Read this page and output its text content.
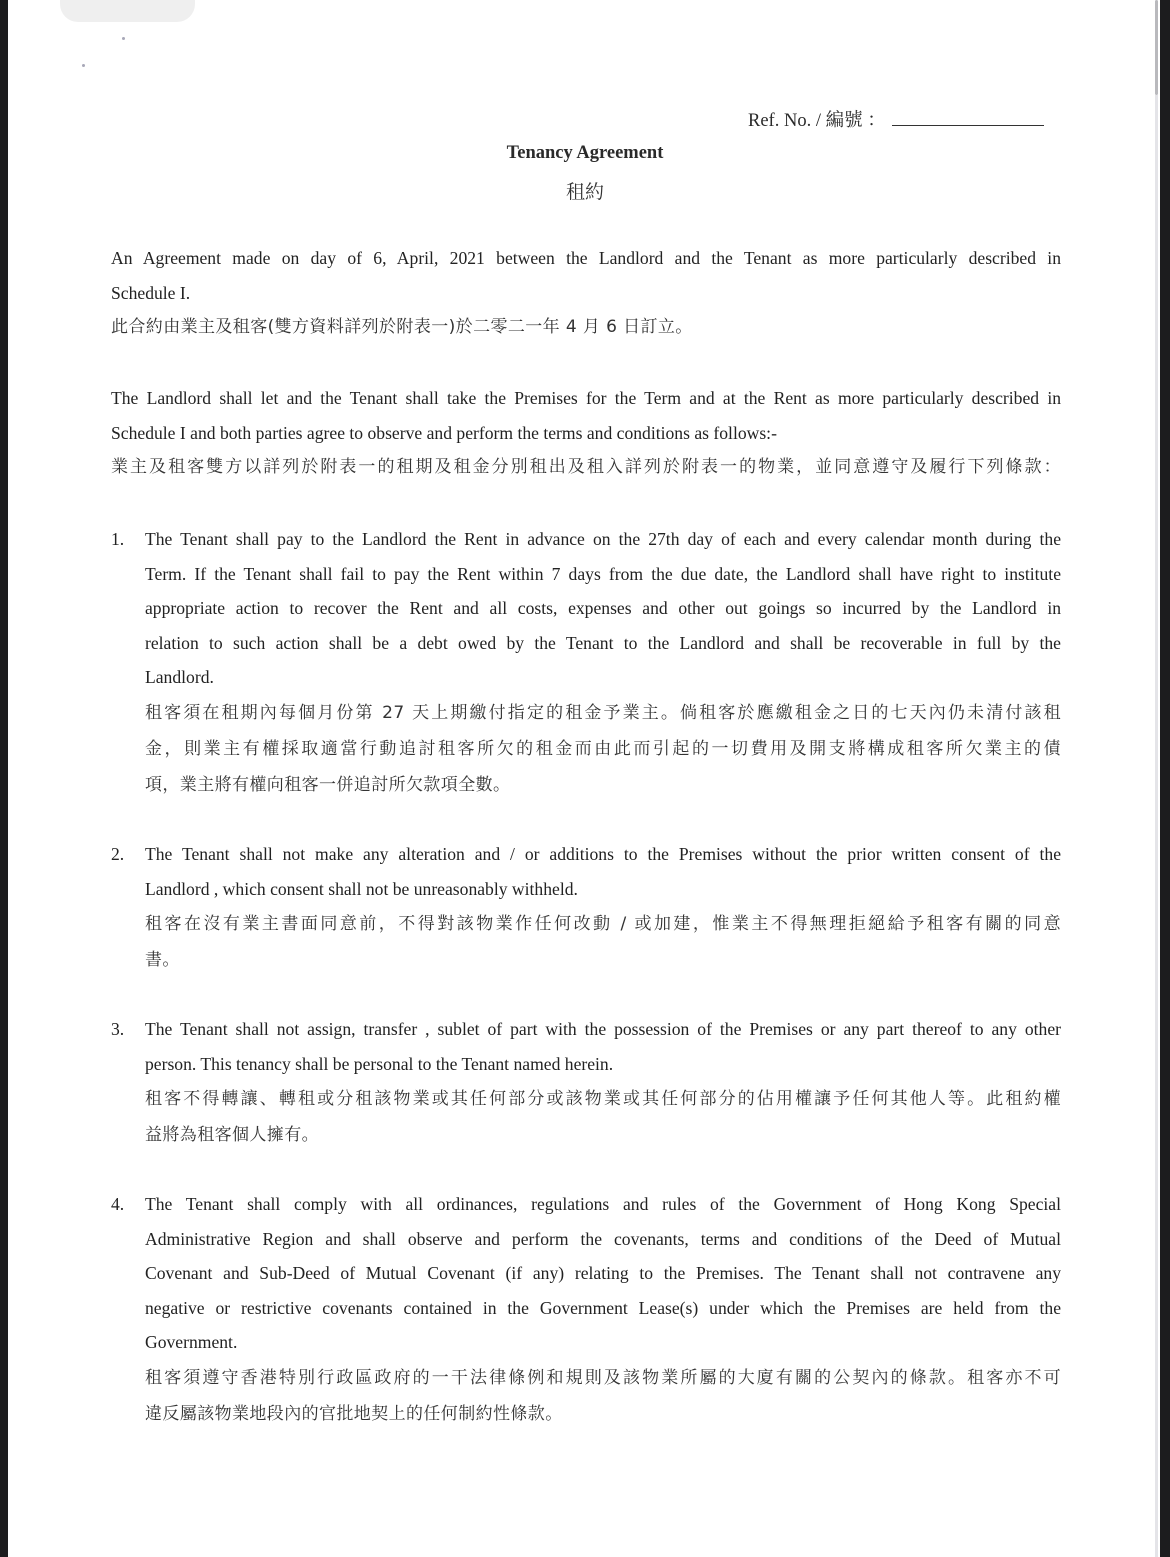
Ref. No. / 編號 ：
Tenancy Agreement
租約
An Agreement made on day of 6, April, 2021 between the Landlord and the Tenant as more particularly described in
Schedule I.
此合約由業主及租客(雙方資料詳列於附表一)於二零二一年 4 月 6 日訂立。
The Landlord shall let and the Tenant shall take the Premises for the Term and at the Rent as more particularly described in
Schedule I and both parties agree to observe and perform the terms and conditions as follows:-
業主及租客雙方以詳列於附表一的租期及租金分別租出及租入詳列於附表一的物業，並同意遵守及履行下列條款：
1. The Tenant shall pay to the Landlord the Rent in advance on the 27th day of each and every calendar month during the
Term. If the Tenant shall fail to pay the Rent within 7 days from the due date, the Landlord shall have right to institute
appropriate action to recover the Rent and all costs, expenses and other out goings so incurred by the Landlord in
relation to such action shall be a debt owed by the Tenant to the Landlord and shall be recoverable in full by the
Landlord.
租客須在租期內每個月份第 27 天上期繳付指定的租金予業主。倘租客於應繳租金之日的七天內仍未清付該租
金，則業主有權採取適當行動追討租客所欠的租金而由此而引起的一切費用及開支將構成租客所欠業主的債
項，業主將有權向租客一併追討所欠款項全數。
2. The Tenant shall not make any alteration and / or additions to the Premises without the prior written consent of the
Landlord , which consent shall not be unreasonably withheld.
租客在沒有業主書面同意前，不得對該物業作任何改動 / 或加建，惟業主不得無理拒絕給予租客有關的同意
書。
3. The Tenant shall not assign, transfer , sublet of part with the possession of the Premises or any part thereof to any other
person. This tenancy shall be personal to the Tenant named herein.
租客不得轉讓、轉租或分租該物業或其任何部分或該物業或其任何部分的佔用權讓予任何其他人等。此租約權
益將為租客個人擁有。
4. The Tenant shall comply with all ordinances, regulations and rules of the Government of Hong Kong Special
Administrative Region and shall observe and perform the covenants, terms and conditions of the Deed of Mutual
Covenant and Sub-Deed of Mutual Covenant (if any) relating to the Premises. The Tenant shall not contravene any
negative or restrictive covenants contained in the Government Lease(s) under which the Premises are held from the
Government.
租客須遵守香港特別行政區政府的一干法律條例和規則及該物業所屬的大廈有關的公契內的條款。租客亦不可
違反屬該物業地段內的官批地契上的任何制約性條款。
